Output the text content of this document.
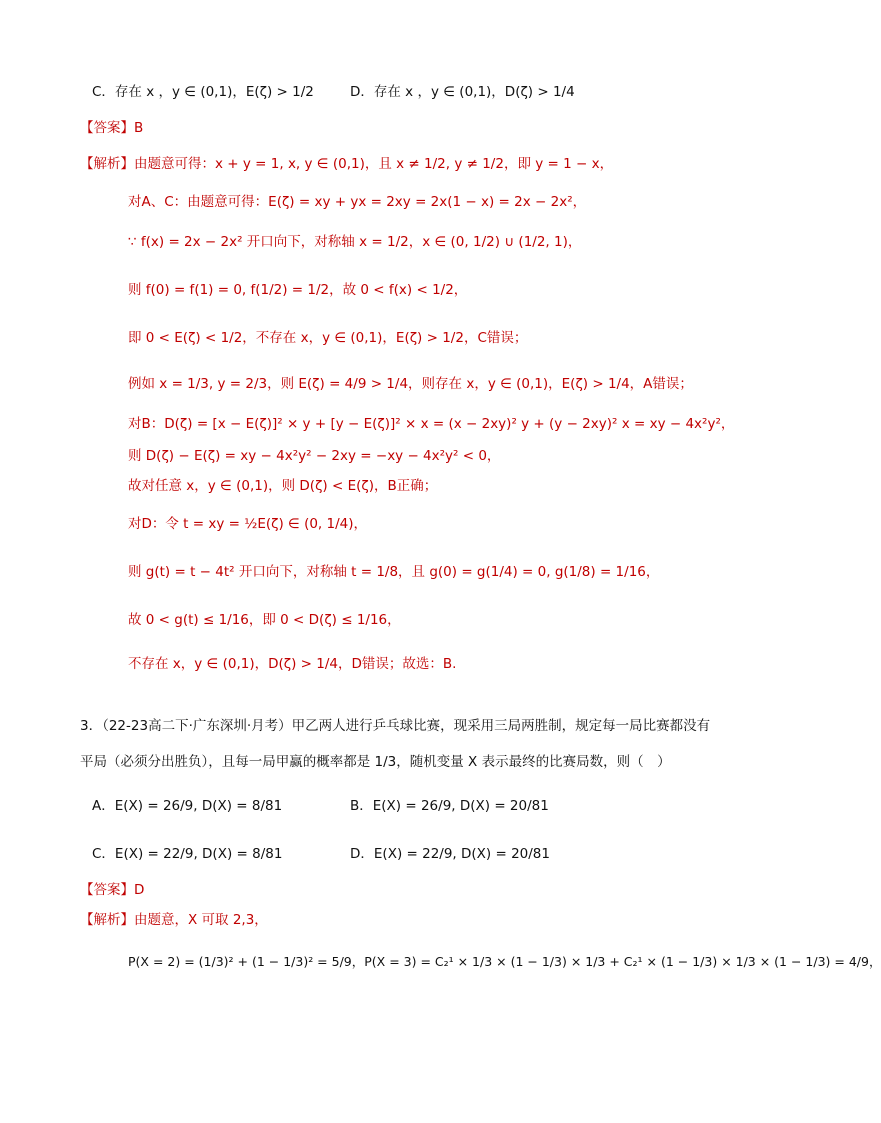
C．存在 x ，y ∈ (0,1)，E(ζ) > 1/2	D．存在 x ，y ∈ (0,1)，D(ζ) > 1/4
【答案】B
【解析】由题意可得：x + y = 1, x, y ∈ (0,1)，且 x ≠ 1/2, y ≠ 1/2，即 y = 1 − x，
对A、C：由题意可得：E(ζ) = xy + yx = 2xy = 2x(1 − x) = 2x − 2x²，
∵ f(x) = 2x − 2x² 开口向下，对称轴 x = 1/2，x ∈ (0, 1/2) ∪ (1/2, 1)，
则 f(0) = f(1) = 0, f(1/2) = 1/2，故 0 < f(x) < 1/2，
即 0 < E(ζ) < 1/2，不存在 x，y ∈ (0,1)，E(ζ) > 1/2，C错误；
例如 x = 1/3, y = 2/3，则 E(ζ) = 4/9 > 1/4，则存在 x，y ∈ (0,1)，E(ζ) > 1/4，A错误；
对B：D(ζ) = [x − E(ζ)]² × y + [y − E(ζ)]² × x = (x − 2xy)² y + (y − 2xy)² x = xy − 4x²y²，
则 D(ζ) − E(ζ) = xy − 4x²y² − 2xy = −xy − 4x²y² < 0，
故对任意 x，y ∈ (0,1)，则 D(ζ) < E(ζ)，B正确；
对D：令 t = xy = ½E(ζ) ∈ (0, 1/4)，
则 g(t) = t − 4t² 开口向下，对称轴 t = 1/8，且 g(0) = g(1/4) = 0, g(1/8) = 1/16，
故 0 < g(t) ≤ 1/16，即 0 < D(ζ) ≤ 1/16，
不存在 x，y ∈ (0,1)，D(ζ) > 1/4，D错误；故选：B.
3．（22-23高二下·广东深圳·月考）甲乙两人进行乒乓球比赛，现采用三局两胜制，规定每一局比赛都没有
平局（必须分出胜负），且每一局甲赢的概率都是 1/3，随机变量 X 表示最终的比赛局数，则（　）
A．E(X) = 26/9, D(X) = 8/81	B．E(X) = 26/9, D(X) = 20/81
C．E(X) = 22/9, D(X) = 8/81	D．E(X) = 22/9, D(X) = 20/81
【答案】D
【解析】由题意，X 可取 2,3，
P(X = 2) = (1/3)² + (1 − 1/3)² = 5/9，P(X = 3) = C₂¹ × 1/3 × (1 − 1/3) × 1/3 + C₂¹ × (1 − 1/3) × 1/3 × (1 − 1/3) = 4/9，
